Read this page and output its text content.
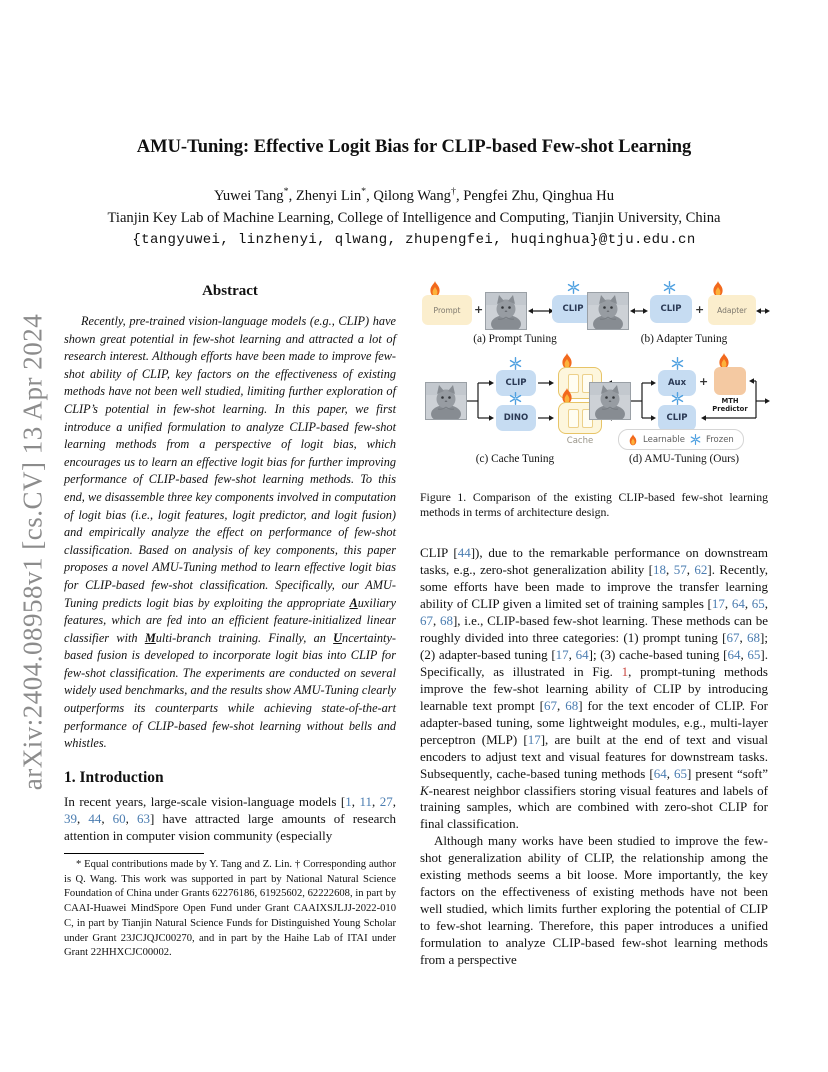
arXiv:2404.08958v1 [cs.CV] 13 Apr 2024
AMU-Tuning: Effective Logit Bias for CLIP-based Few-shot Learning
Yuwei Tang*, Zhenyi Lin*, Qilong Wang†, Pengfei Zhu, Qinghua Hu
Tianjin Key Lab of Machine Learning, College of Intelligence and Computing, Tianjin University, China
{tangyuwei, linzhenyi, qlwang, zhupengfei, huqinghua}@tju.edu.cn
Abstract

Recently, pre-trained vision-language models (e.g., CLIP) have shown great potential in few-shot learning and attracted a lot of research interest. Although efforts have been made to improve few-shot ability of CLIP, key factors on the effectiveness of existing methods have not been well studied, limiting further exploration of CLIP’s potential in few-shot learning. In this paper, we first introduce a unified formulation to analyze CLIP-based few-shot learning methods from a perspective of logit bias, which encourages us to learn an effective logit bias for further improving performance of CLIP-based few-shot learning methods. To this end, we disassemble three key components involved in computation of logit bias (i.e., logit features, logit predictor, and logit fusion) and empirically analyze the effect on performance of few-shot classification. Based on analysis of key components, this paper proposes a novel AMU-Tuning method to learn effective logit bias for CLIP-based few-shot classification. Specifically, our AMU-Tuning predicts logit bias by exploiting the appropriate Auxiliary features, which are fed into an efficient feature-initialized linear classifier with Multi-branch training. Finally, an Uncertainty-based fusion is developed to incorporate logit bias into CLIP for few-shot classification. The experiments are conducted on several widely used benchmarks, and the results show AMU-Tuning clearly outperforms its counterparts while achieving state-of-the-art performance of CLIP-based few-shot learning without bells and whistles.

1. Introduction

In recent years, large-scale vision-language models [1, 11, 27, 39, 44, 60, 63] have attracted large amounts of research attention in computer vision community (especially

* Equal contributions made by Y. Tang and Z. Lin. † Corresponding author is Q. Wang. This work was supported in part by National Natural Science Foundation of China under Grants 62276186, 61925602, 62222608, in part by CAAI-Huawei MindSpore Open Fund under Grant CAAIXSJLJJ-2022-010 C, in part by Tianjin Natural Science Funds for Distinguished Young Scholar under Grant 23JCJQJC00270, and in part by the Haihe Lab of ITAI under Grant 22HHXCJC00002.

Prompt	+	CLIP
(a) Prompt Tuning
CLIP	+	Adapter
(b) Adapter Tuning
CLIP
DINO
Cache
(c) Cache Tuning
Aux	+
MTH
Predictor
CLIP
Learnable Frozen
(d) AMU-Tuning (Ours)
Figure 1. Comparison of the existing CLIP-based few-shot learning methods in terms of architecture design.

CLIP [44]), due to the remarkable performance on downstream tasks, e.g., zero-shot generalization ability [18, 57, 62]. Recently, some efforts have been made to improve the transfer learning ability of CLIP given a limited set of training samples [17, 64, 65, 67, 68], i.e., CLIP-based few-shot learning. These methods can be roughly divided into three categories: (1) prompt tuning [67, 68]; (2) adapter-based tuning [17, 64]; (3) cache-based tuning [64, 65]. Specifically, as illustrated in Fig. 1, prompt-tuning methods improve the few-shot learning ability of CLIP by introducing learnable text prompt [67, 68] for the text encoder of CLIP. For adapter-based tuning, some lightweight modules, e.g., multi-layer perceptron (MLP) [17], are built at the end of text and visual encoders to adjust text and visual features for downstream tasks. Subsequently, cache-based tuning methods [64, 65] present “soft” K-nearest neighbor classifiers storing visual features and labels of training samples, which are combined with zero-shot CLIP for final classification.

Although many works have been studied to improve the few-shot generalization ability of CLIP, the relationship among the existing methods seems a bit loose. More importantly, the key factors on the effectiveness of existing methods have not been well studied, which limits further exploring the potential of CLIP to few-shot learning. Therefore, this paper introduces a unified formulation to analyze CLIP-based few-shot learning methods from a perspective
